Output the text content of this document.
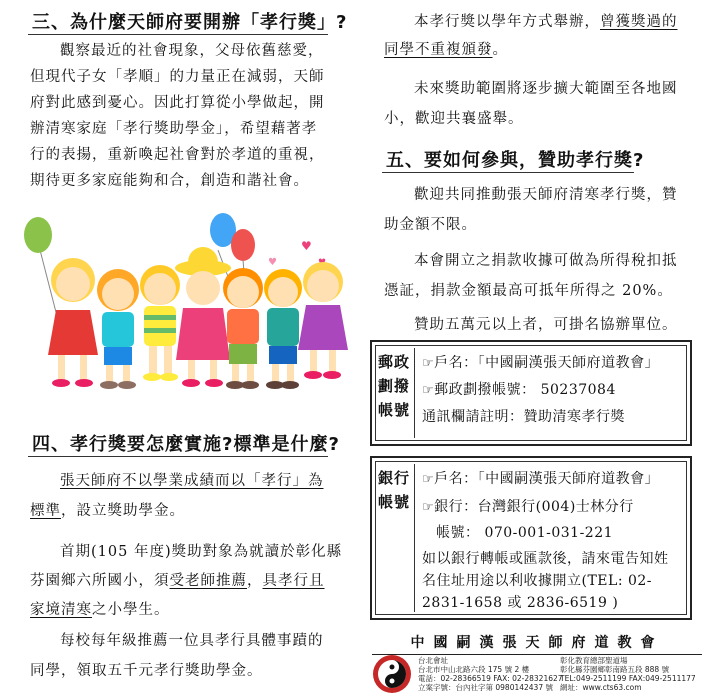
三、為什麼天師府要開辦「孝行獎」?

觀察最近的社會現象，父母依舊慈愛，

但現代子女「孝順」的力量正在減弱，天師

府對此感到憂心。因此打算從小學做起，開

辦清寒家庭「孝行獎助學金」，希望藉著孝

行的表揚，重新喚起社會對於孝道的重視，

期待更多家庭能夠和合，創造和諧社會。

♥
♥
四、孝行獎要怎麼實施?標準是什麼?

張天師府不以學業成績而以「孝行」為

標準，設立獎助學金。

首期(105 年度)獎助對象為就讀於彰化縣

芬園鄉六所國小，須受老師推薦，具孝行且

家境清寒之小學生。

每校每年級推薦一位具孝行具體事蹟的

同學，領取五千元孝行獎助學金。

本孝行獎以學年方式舉辦，曾獲獎過的

同學不重複頒發。

未來獎助範圍將逐步擴大範圍至各地國

小，歡迎共襄盛舉。

五、要如何參與，贊助孝行獎?

歡迎共同推動張天師府清寒孝行獎，贊

助金額不限。

本會開立之捐款收據可做為所得稅扣抵

憑証，捐款金額最高可抵年所得之 20%。

贊助五萬元以上者，可掛名協辦單位。

郵政
劃撥
帳號
☞戶名：「中國嗣漢張天師府道教會」
☞郵政劃撥帳號： 50237084
通訊欄請註明：贊助清寒孝行獎
銀行
帳號
☞戶名：「中國嗣漢張天師府道教會」
☞銀行：台灣銀行(004)士林分行
帳號： 070-001-031-221
如以銀行轉帳或匯款後，請來電告知姓
名住址用途以利收據開立(TEL: 02-
2831-1658 或 2836-6519 )
中國嗣漢張天師府道教會
台北會址
台北市中山北路六段 175 號 2 樓
電話：02-28366519 FAX: 02-28321627
立案字號：台內社字第 0980142437 號
彰化教育總部聖道場
彰化縣芬園鄉彰南路五段 888 號
TEL:049-2511199 FAX:049-2511177
網址：www.cts63.com
